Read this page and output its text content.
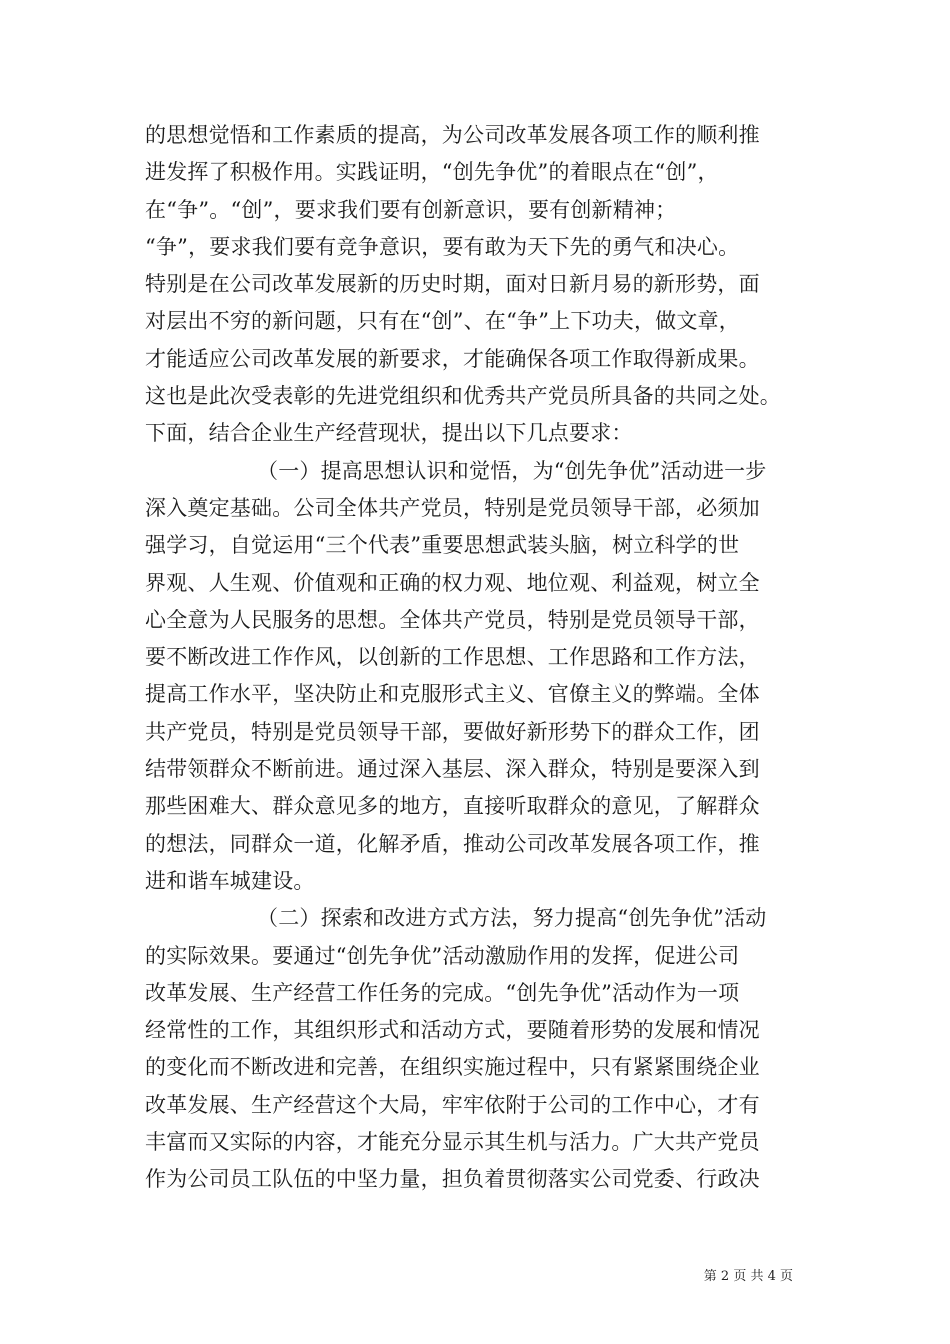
的思想觉悟和工作素质的提高，为公司改革发展各项工作的顺利推
进发挥了积极作用。实践证明，“创先争优”的着眼点在“创”，
在“争”。“创”，要求我们要有创新意识，要有创新精神；
“争”，要求我们要有竞争意识，要有敢为天下先的勇气和决心。
特别是在公司改革发展新的历史时期，面对日新月易的新形势，面
对层出不穷的新问题，只有在“创”、在“争”上下功夫，做文章，
才能适应公司改革发展的新要求，才能确保各项工作取得新成果。
这也是此次受表彰的先进党组织和优秀共产党员所具备的共同之处。
下面，结合企业生产经营现状，提出以下几点要求：
（一）提高思想认识和觉悟，为“创先争优”活动进一步
深入奠定基础。公司全体共产党员，特别是党员领导干部，必须加
强学习，自觉运用“三个代表”重要思想武装头脑，树立科学的世
界观、人生观、价值观和正确的权力观、地位观、利益观，树立全
心全意为人民服务的思想。全体共产党员，特别是党员领导干部，
要不断改进工作作风，以创新的工作思想、工作思路和工作方法，
提高工作水平，坚决防止和克服形式主义、官僚主义的弊端。全体
共产党员，特别是党员领导干部，要做好新形势下的群众工作，团
结带领群众不断前进。通过深入基层、深入群众，特别是要深入到
那些困难大、群众意见多的地方，直接听取群众的意见，了解群众
的想法，同群众一道，化解矛盾，推动公司改革发展各项工作，推
进和谐车城建设。
（二）探索和改进方式方法，努力提高“创先争优”活动
的实际效果。要通过“创先争优”活动激励作用的发挥，促进公司
改革发展、生产经营工作任务的完成。“创先争优”活动作为一项
经常性的工作，其组织形式和活动方式，要随着形势的发展和情况
的变化而不断改进和完善，在组织实施过程中，只有紧紧围绕企业
改革发展、生产经营这个大局，牢牢依附于公司的工作中心，才有
丰富而又实际的内容，才能充分显示其生机与活力。广大共产党员
作为公司员工队伍的中坚力量，担负着贯彻落实公司党委、行政决
第 2 页 共 4 页
